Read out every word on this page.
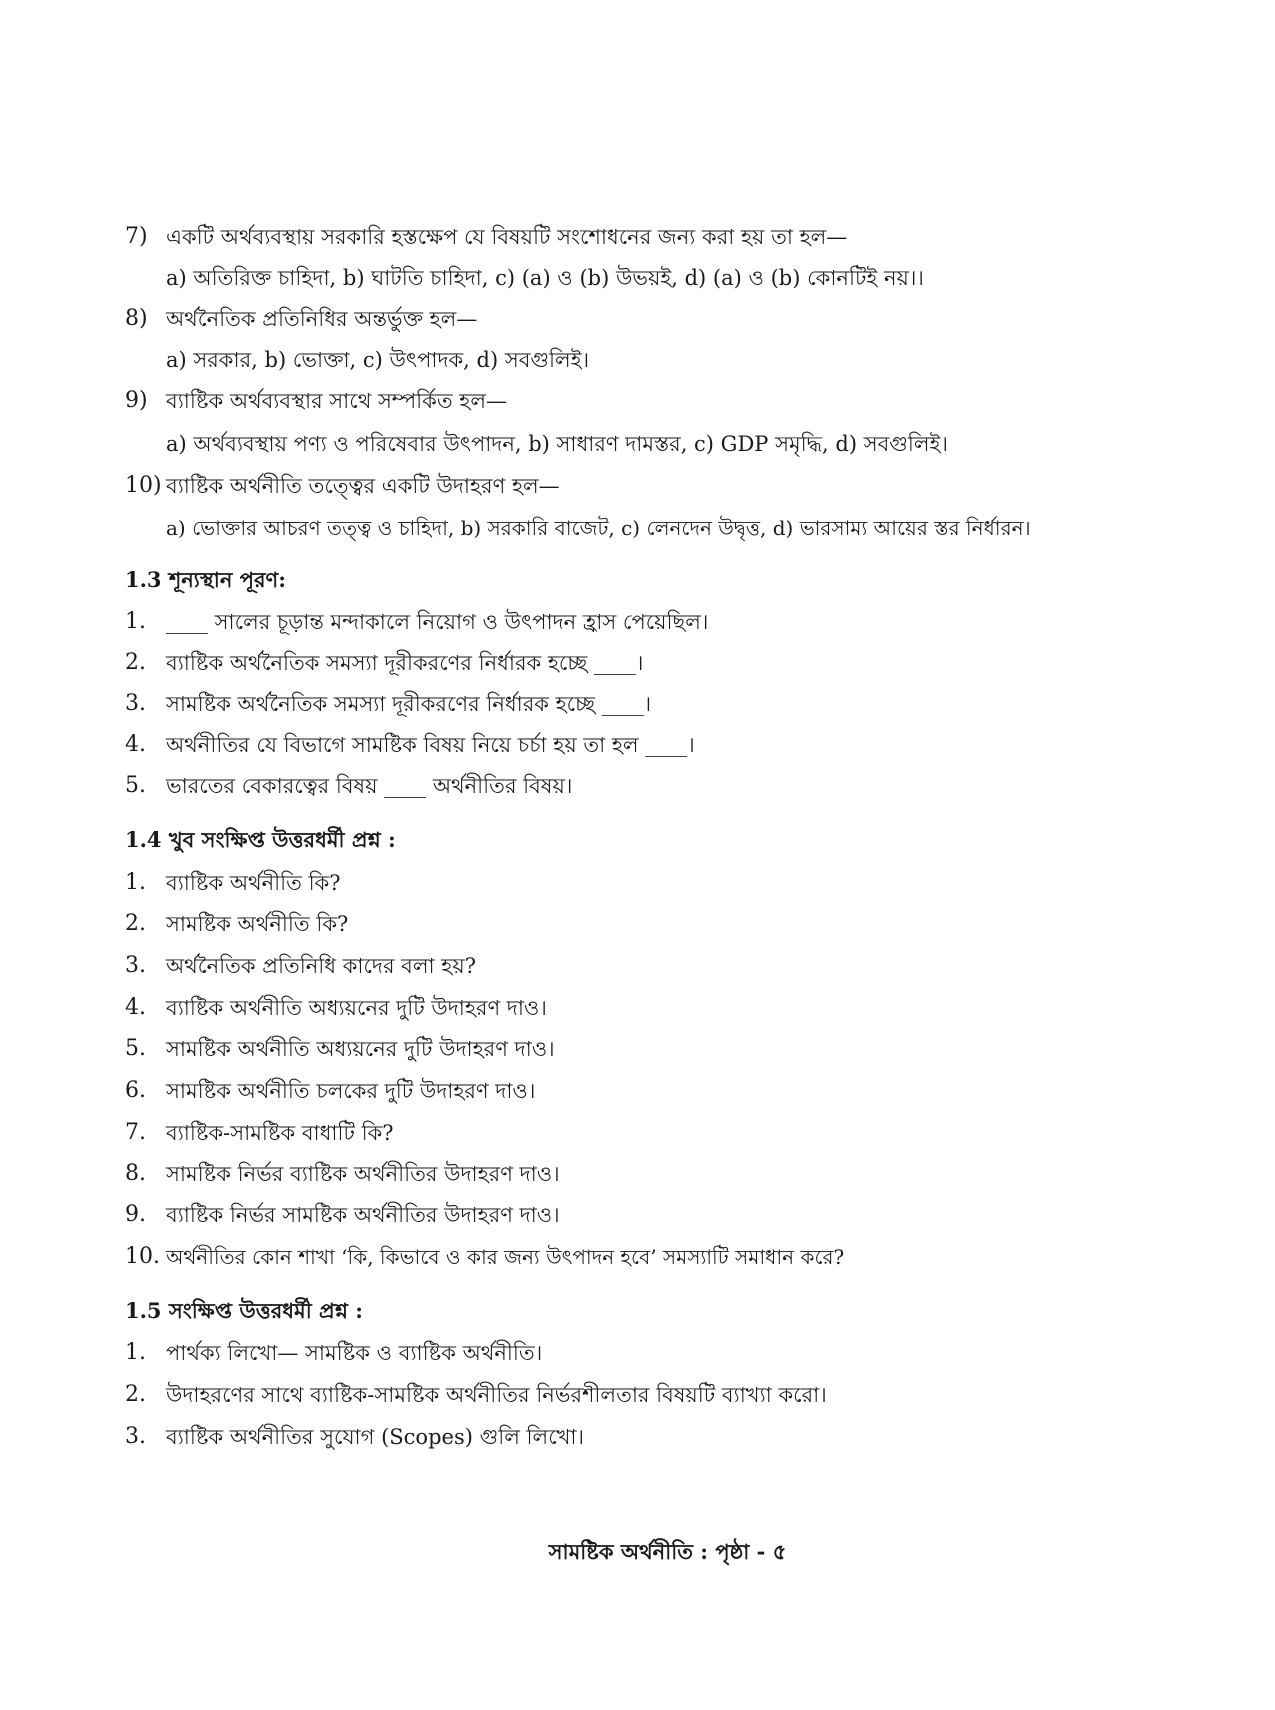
7) একটি অর্থব্যবস্থায় সরকারি হস্তক্ষেপ যে বিষয়টি সংশোধনের জন্য করা হয় তা হল—
a) অতিরিক্ত চাহিদা, b) ঘাটতি চাহিদা, c) (a) ও (b) উভয়ই, d) (a) ও (b) কোনটিই নয়।।
8) অর্থনৈতিক প্রতিনিধির অন্তর্ভুক্ত হল—
a) সরকার, b) ভোক্তা, c) উৎপাদক, d) সবগুলিই।
9) ব্যাষ্টিক অর্থব্যবস্থার সাথে সম্পর্কিত হল—
a) অর্থব্যবস্থায় পণ্য ও পরিষেবার উৎপাদন, b) সাধারণ দামস্তর, c) GDP সমৃদ্ধি, d) সবগুলিই।
10) ব্যাষ্টিক অর্থনীতি তত্ত্বের একটি উদাহরণ হল—
a) ভোক্তার আচরণ তত্ত্ব ও চাহিদা, b) সরকারি বাজেট, c) লেনদেন উদ্বৃত্ত, d) ভারসাম্য আয়ের স্তর নির্ধারন।
1.3 শূন্যস্থান পূরণ:
1. ____ সালের চূড়ান্ত মন্দাকালে নিয়োগ ও উৎপাদন হ্রাস পেয়েছিল।
2. ব্যাষ্টিক অর্থনৈতিক সমস্যা দূরীকরণের নির্ধারক হচ্ছে ____।
3. সামষ্টিক অর্থনৈতিক সমস্যা দূরীকরণের নির্ধারক হচ্ছে ____।
4. অর্থনীতির যে বিভাগে সামষ্টিক বিষয় নিয়ে চর্চা হয় তা হল ____।
5. ভারতের বেকারত্বের বিষয় ____ অর্থনীতির বিষয়।
1.4 খুব সংক্ষিপ্ত উত্তরধর্মী প্রশ্ন :
1. ব্যাষ্টিক অর্থনীতি কি?
2. সামষ্টিক অর্থনীতি কি?
3. অর্থনৈতিক প্রতিনিধি কাদের বলা হয়?
4. ব্যাষ্টিক অর্থনীতি অধ্যয়নের দুটি উদাহরণ দাও।
5. সামষ্টিক অর্থনীতি অধ্যয়নের দুটি উদাহরণ দাও।
6. সামষ্টিক অর্থনীতি চলকের দুটি উদাহরণ দাও।
7. ব্যাষ্টিক-সামষ্টিক বাধাটি কি?
8. সামষ্টিক নির্ভর ব্যাষ্টিক অর্থনীতির উদাহরণ দাও।
9. ব্যাষ্টিক নির্ভর সামষ্টিক অর্থনীতির উদাহরণ দাও।
10. অর্থনীতির কোন শাখা ‘কি, কিভাবে ও কার জন্য উৎপাদন হবে’ সমস্যাটি সমাধান করে?
1.5 সংক্ষিপ্ত উত্তরধর্মী প্রশ্ন :
1. পার্থক্য লিখো— সামষ্টিক ও ব্যাষ্টিক অর্থনীতি।
2. উদাহরণের সাথে ব্যাষ্টিক-সামষ্টিক অর্থনীতির নির্ভরশীলতার বিষয়টি ব্যাখ্যা করো।
3. ব্যাষ্টিক অর্থনীতির সুযোগ (Scopes) গুলি লিখো।
সামষ্টিক অর্থনীতি : পৃষ্ঠা - ৫
